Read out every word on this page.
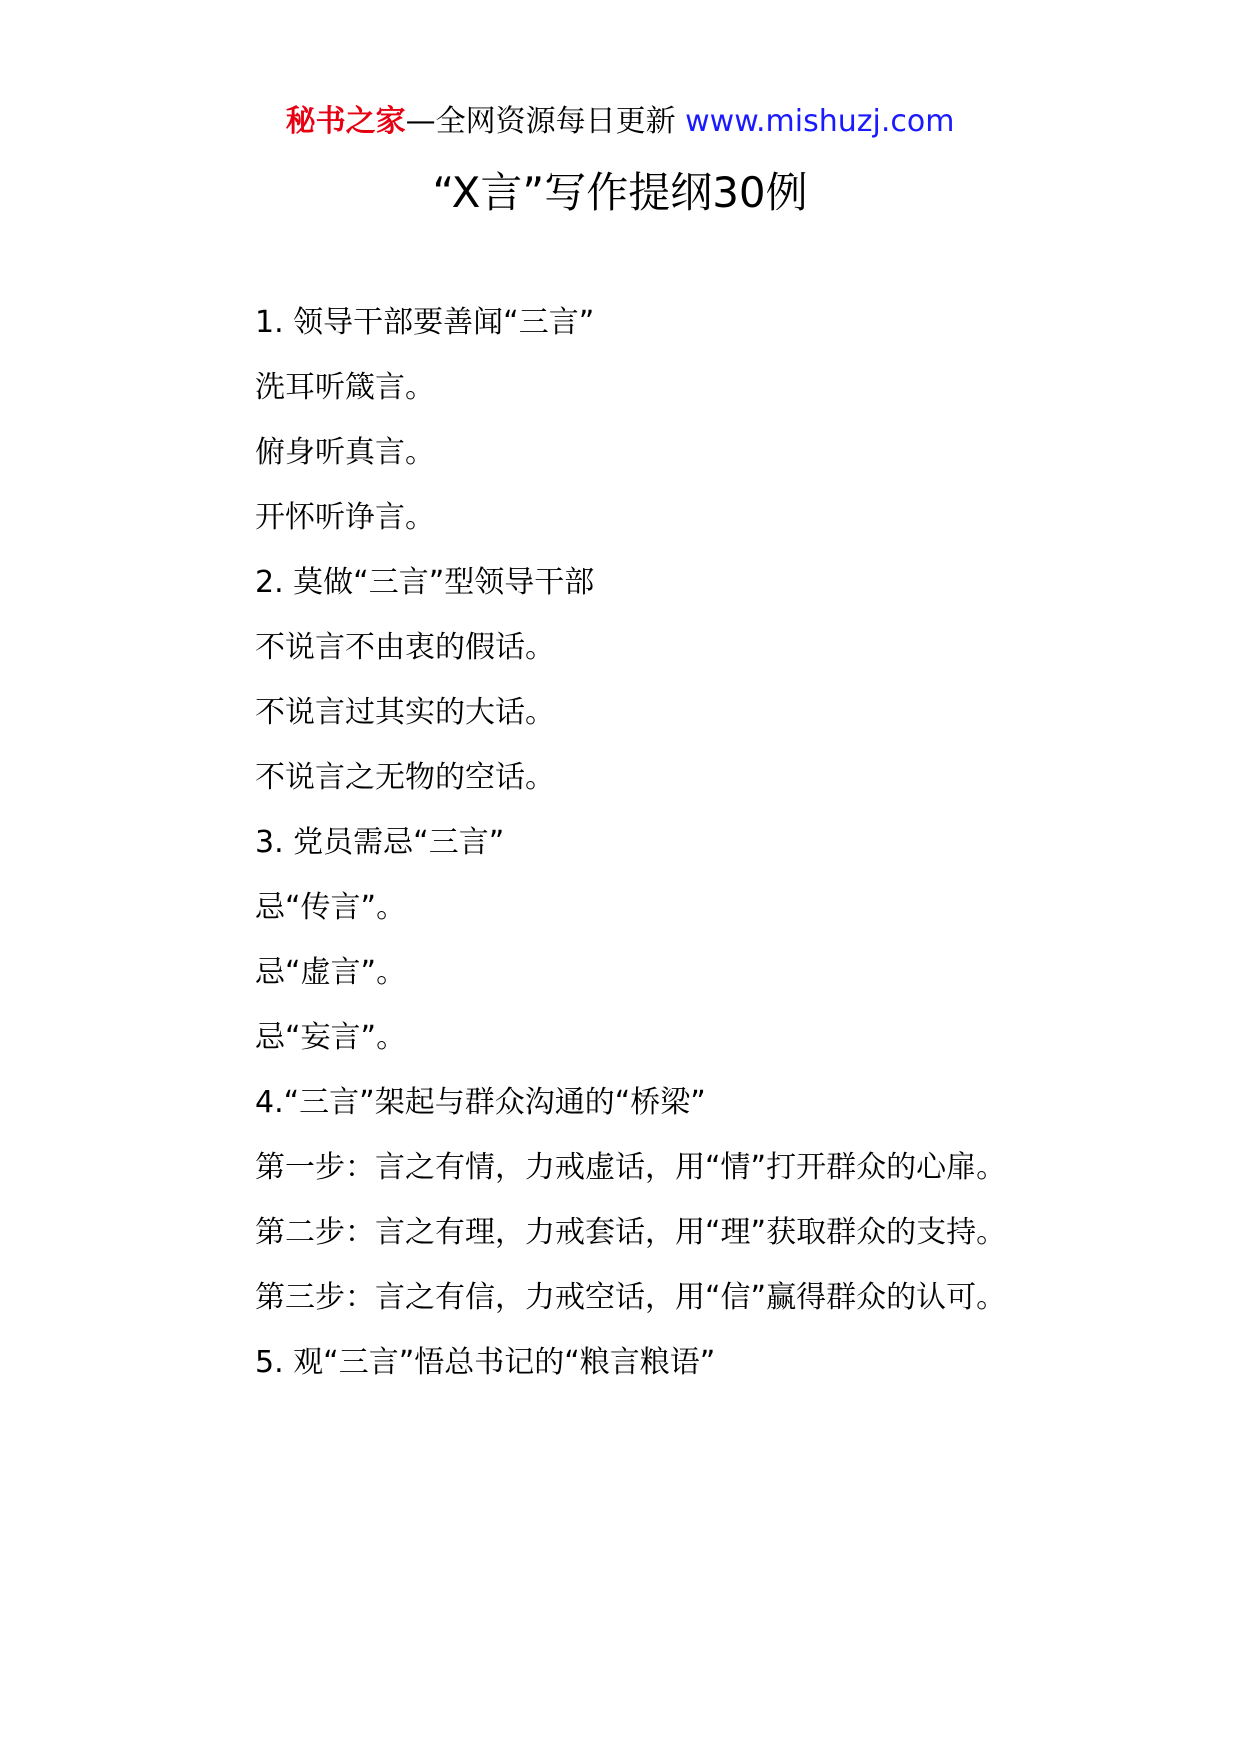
秘书之家—全网资源每日更新 www.mishuzj.com
“X言”写作提纲30例

1. 领导干部要善闻“三言”

洗耳听箴言。

俯身听真言。

开怀听诤言。

2. 莫做“三言”型领导干部

不说言不由衷的假话。

不说言过其实的大话。

不说言之无物的空话。

3. 党员需忌“三言”

忌“传言”。

忌“虚言”。

忌“妄言”。

4.“三言”架起与群众沟通的“桥梁”

第一步：言之有情，力戒虚话，用“情”打开群众的心扉。

第二步：言之有理，力戒套话，用“理”获取群众的支持。

第三步：言之有信，力戒空话，用“信”赢得群众的认可。

5. 观“三言”悟总书记的“粮言粮语”
